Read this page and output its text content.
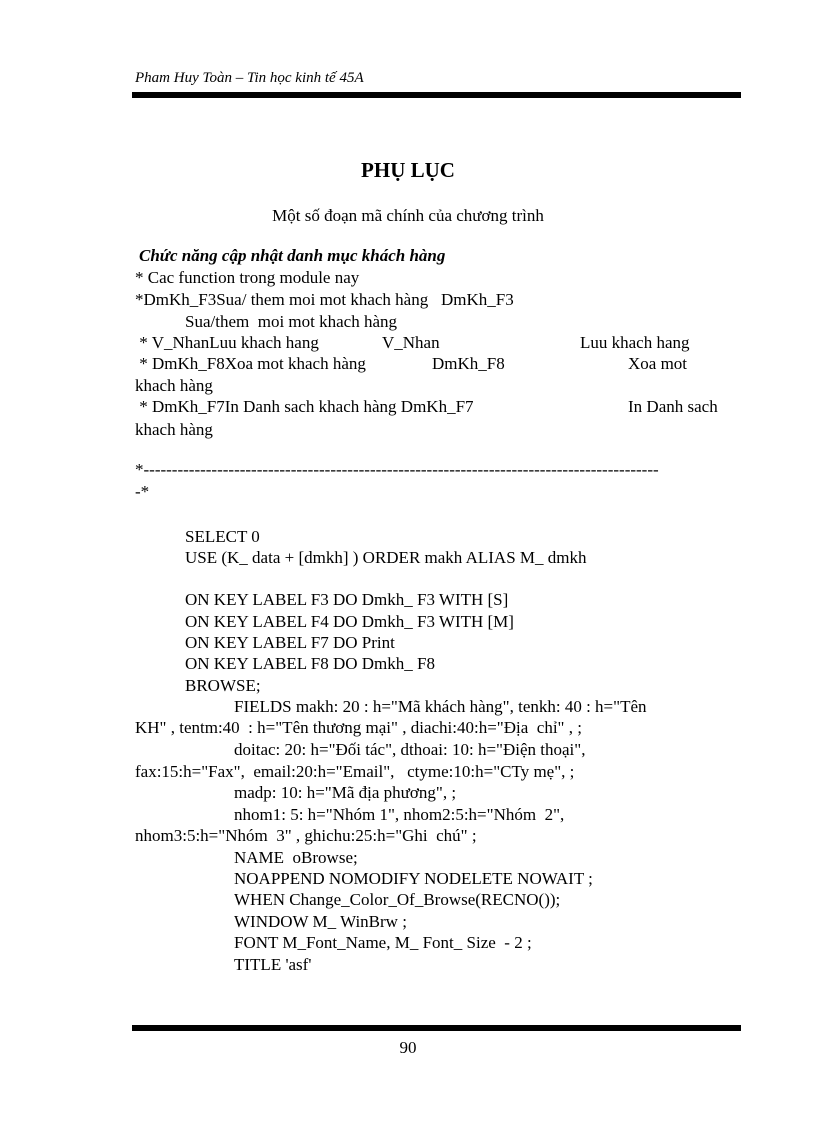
Pham Huy Toàn – Tin học kinh tế 45A
PHỤ LỤC
Một số đoạn mã chính của chương trình
Chức năng cập nhật danh mục khách hàng
* Cac function trong module nay
*DmKh_F3Sua/ them moi mot khach hàng   DmKh_F3
Sua/them  moi mot khach hàng
* V_NhanLuu khach hang	V_Nhan	Luu khach hang
* DmKh_F8Xoa mot khach hàng	DmKh_F8	Xoa mot
khach hàng
* DmKh_F7In Danh sach khach hàng DmKh_F7	In Danh sach
khach hàng
*-------------------------------------------------------------------------------------------
-*
SELECT 0
USE (K_ data + [dmkh] ) ORDER makh ALIAS M_ dmkh
ON KEY LABEL F3 DO Dmkh_ F3 WITH [S]
ON KEY LABEL F4 DO Dmkh_ F3 WITH [M]
ON KEY LABEL F7 DO Print
ON KEY LABEL F8 DO Dmkh_ F8
BROWSE;
FIELDS makh: 20 : h="Mã khách hàng", tenkh: 40 : h="Tên
KH" , tentm:40  : h="Tên thương mại" , diachi:40:h="Địa  chỉ" , ;
doitac: 20: h="Đối tác", dthoai: 10: h="Điện thoại",
fax:15:h="Fax",  email:20:h="Email",   ctyme:10:h="CTy mẹ", ;
madp: 10: h="Mã địa phương", ;
nhom1: 5: h="Nhóm 1", nhom2:5:h="Nhóm  2",
nhom3:5:h="Nhóm  3" , ghichu:25:h="Ghi  chú" ;
NAME  oBrowse;
NOAPPEND NOMODIFY NODELETE NOWAIT ;
WHEN Change_Color_Of_Browse(RECNO());
WINDOW M_ WinBrw ;
FONT M_Font_Name, M_ Font_ Size  - 2 ;
TITLE 'asf'
90
